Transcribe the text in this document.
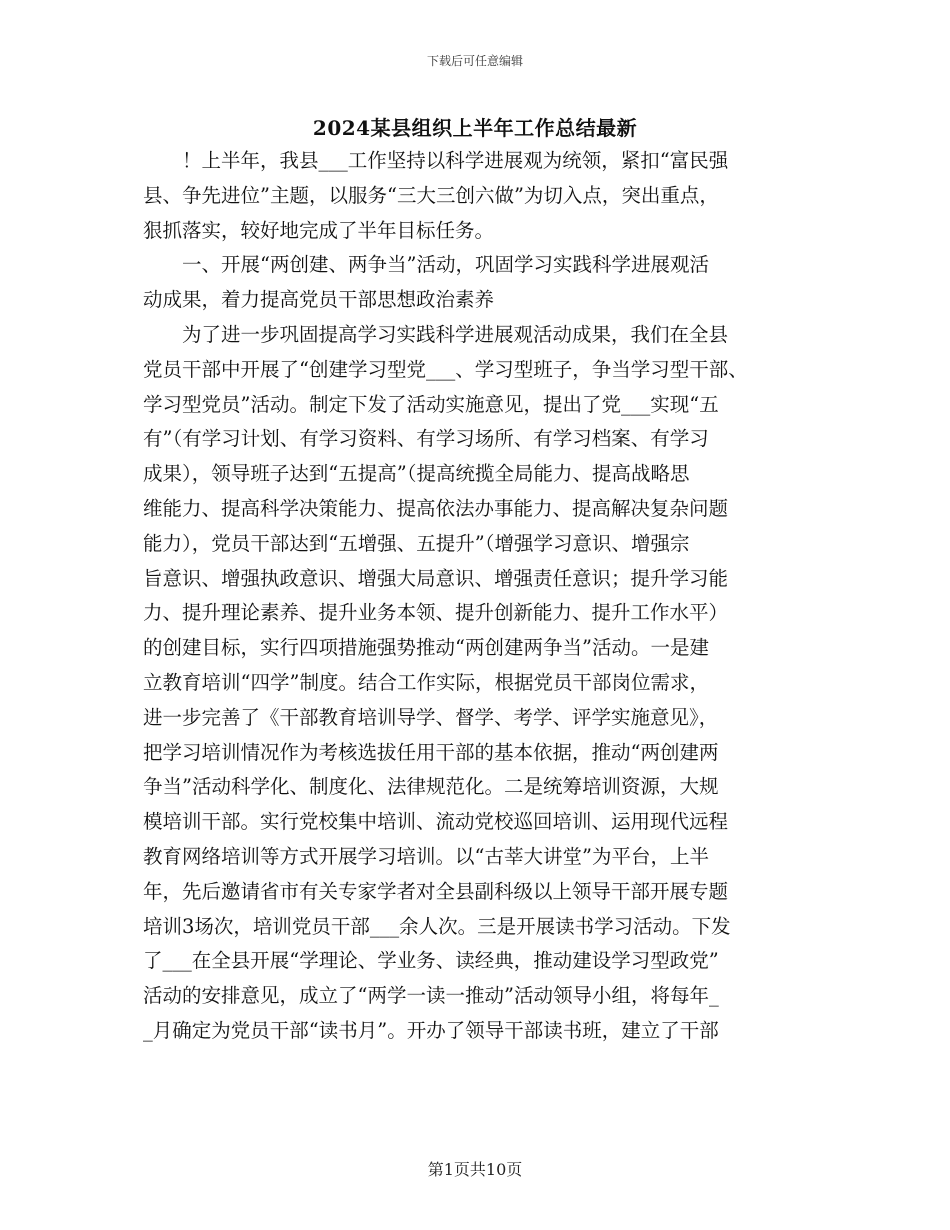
下载后可任意编辑
2024某县组织上半年工作总结最新
　　！上半年，我县___工作坚持以科学进展观为统领，紧扣“富民强
县、争先进位”主题，以服务“三大三创六做”为切入点，突出重点，
狠抓落实，较好地完成了半年目标任务。
　　一、开展“两创建、两争当”活动，巩固学习实践科学进展观活
动成果，着力提高党员干部思想政治素养
　　为了进一步巩固提高学习实践科学进展观活动成果，我们在全县
党员干部中开展了“创建学习型党___、学习型班子，争当学习型干部、
学习型党员”活动。制定下发了活动实施意见，提出了党___实现“五
有”（有学习计划、有学习资料、有学习场所、有学习档案、有学习
成果），领导班子达到“五提高”（提高统揽全局能力、提高战略思
维能力、提高科学决策能力、提高依法办事能力、提高解决复杂问题
能力），党员干部达到“五增强、五提升”（增强学习意识、增强宗
旨意识、增强执政意识、增强大局意识、增强责任意识；提升学习能
力、提升理论素养、提升业务本领、提升创新能力、提升工作水平）
的创建目标，实行四项措施强势推动“两创建两争当”活动。一是建
立教育培训“四学”制度。结合工作实际，根据党员干部岗位需求，
进一步完善了《干部教育培训导学、督学、考学、评学实施意见》，
把学习培训情况作为考核选拔任用干部的基本依据，推动“两创建两
争当”活动科学化、制度化、法律规范化。二是统筹培训资源，大规
模培训干部。实行党校集中培训、流动党校巡回培训、运用现代远程
教育网络培训等方式开展学习培训。以“古莘大讲堂”为平台，上半
年，先后邀请省市有关专家学者对全县副科级以上领导干部开展专题
培训3场次，培训党员干部___余人次。三是开展读书学习活动。下发
了___在全县开展“学理论、学业务、读经典，推动建设学习型政党”
活动的安排意见，成立了“两学一读一推动”活动领导小组，将每年_
_月确定为党员干部“读书月”。开办了领导干部读书班，建立了干部
第1页共10页
